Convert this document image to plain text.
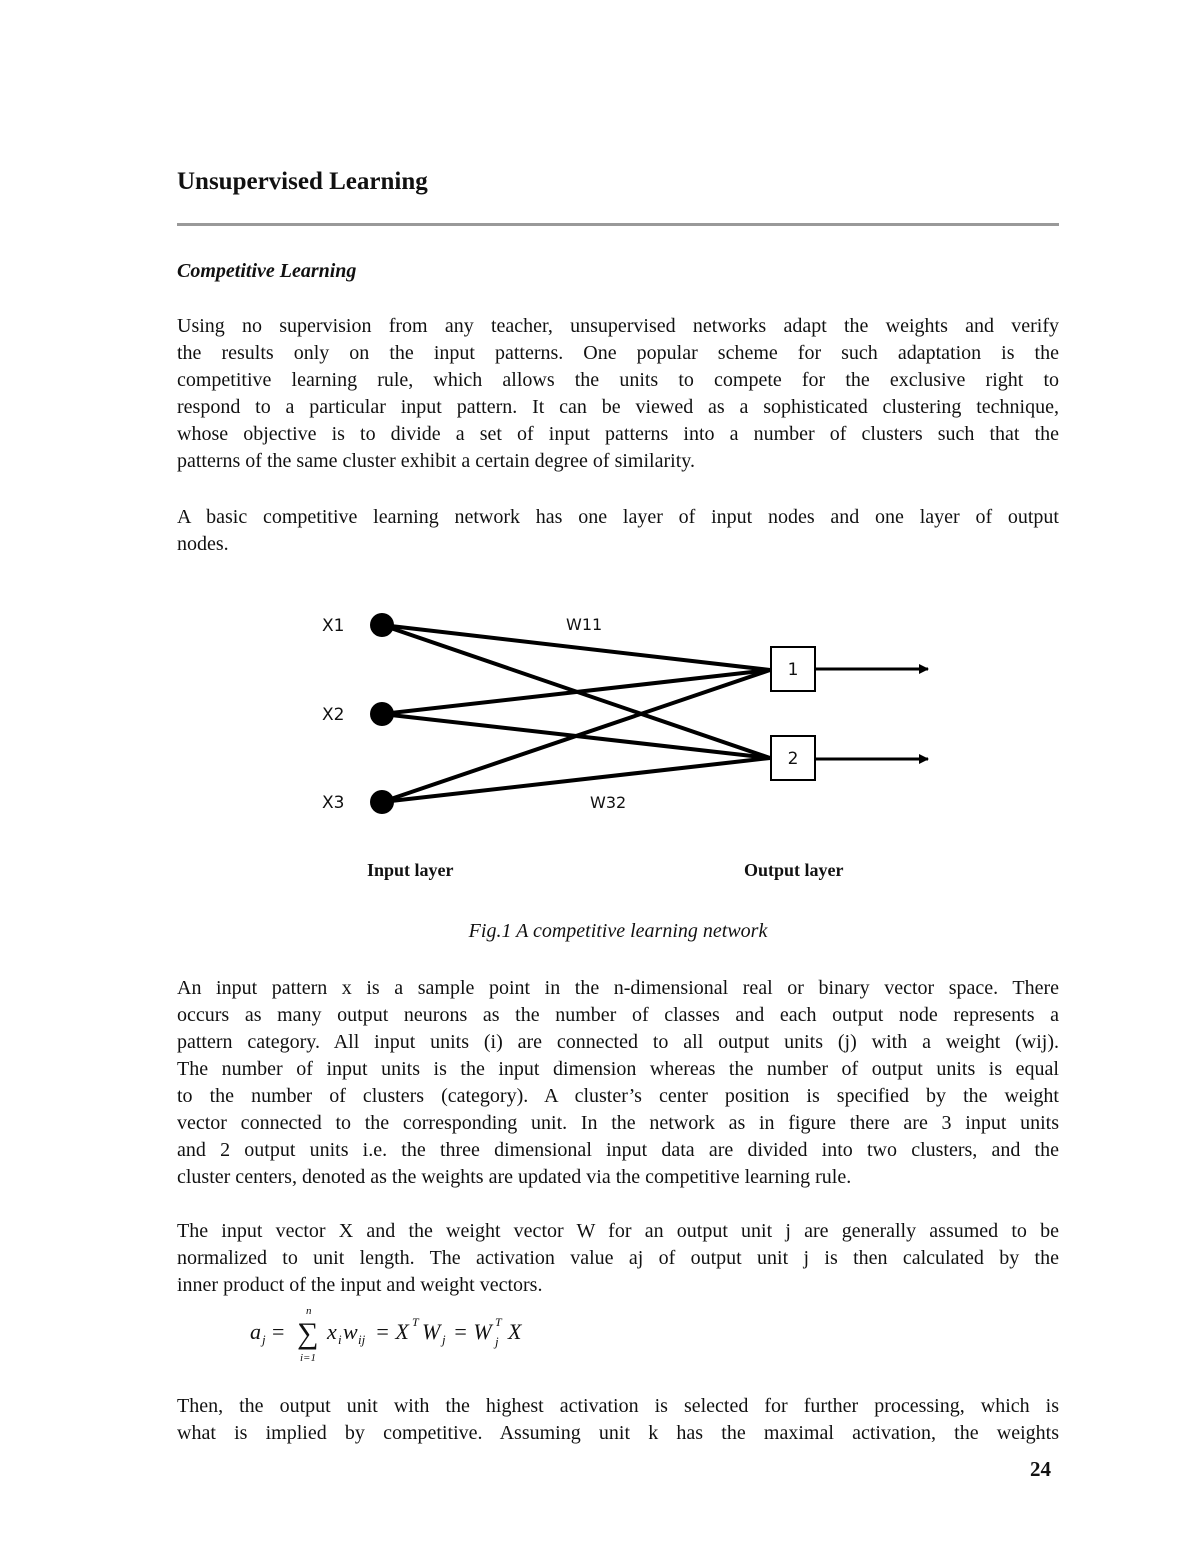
Unsupervised Learning
Competitive Learning
Using no supervision from any teacher, unsupervised networks adapt the weights and verify
the results only on the input patterns. One popular scheme for such adaptation is the
competitive learning rule, which allows the units to compete for the exclusive right to
respond to a particular input pattern. It can be viewed as a sophisticated clustering technique,
whose objective is to divide a set of input patterns into a number of clusters such that the
patterns of the same cluster exhibit a certain degree of similarity.
A basic competitive learning network has one layer of input nodes and one layer of output
nodes.
X1
X2
X3
1
2
W11
W32
Input layer	Output layer
Fig.1 A competitive learning network
An input pattern x is a sample point in the n-dimensional real or binary vector space. There
occurs as many output neurons as the number of classes and each output node represents a
pattern category. All input units (i) are connected to all output units (j) with a weight (wij).
The number of input units is the input dimension whereas the number of output units is equal
to the number of clusters (category). A cluster’s center position is specified by the weight
vector connected to the corresponding unit. In the network as in figure there are 3 input units
and 2 output units i.e. the three dimensional input data are divided into two clusters, and the
cluster centers, denoted as the weights are updated via the competitive learning rule.
The input vector X and the weight vector W for an output unit j are generally assumed to be
normalized to unit length. The activation value aj of output unit j is then calculated by the
inner product of the input and weight vectors.
a j = ∑
n
i=1
x i w ij = X T W j = W T
j X
Then, the output unit with the highest activation is selected for further processing, which is
what is implied by competitive. Assuming unit k has the maximal activation, the weights
24
